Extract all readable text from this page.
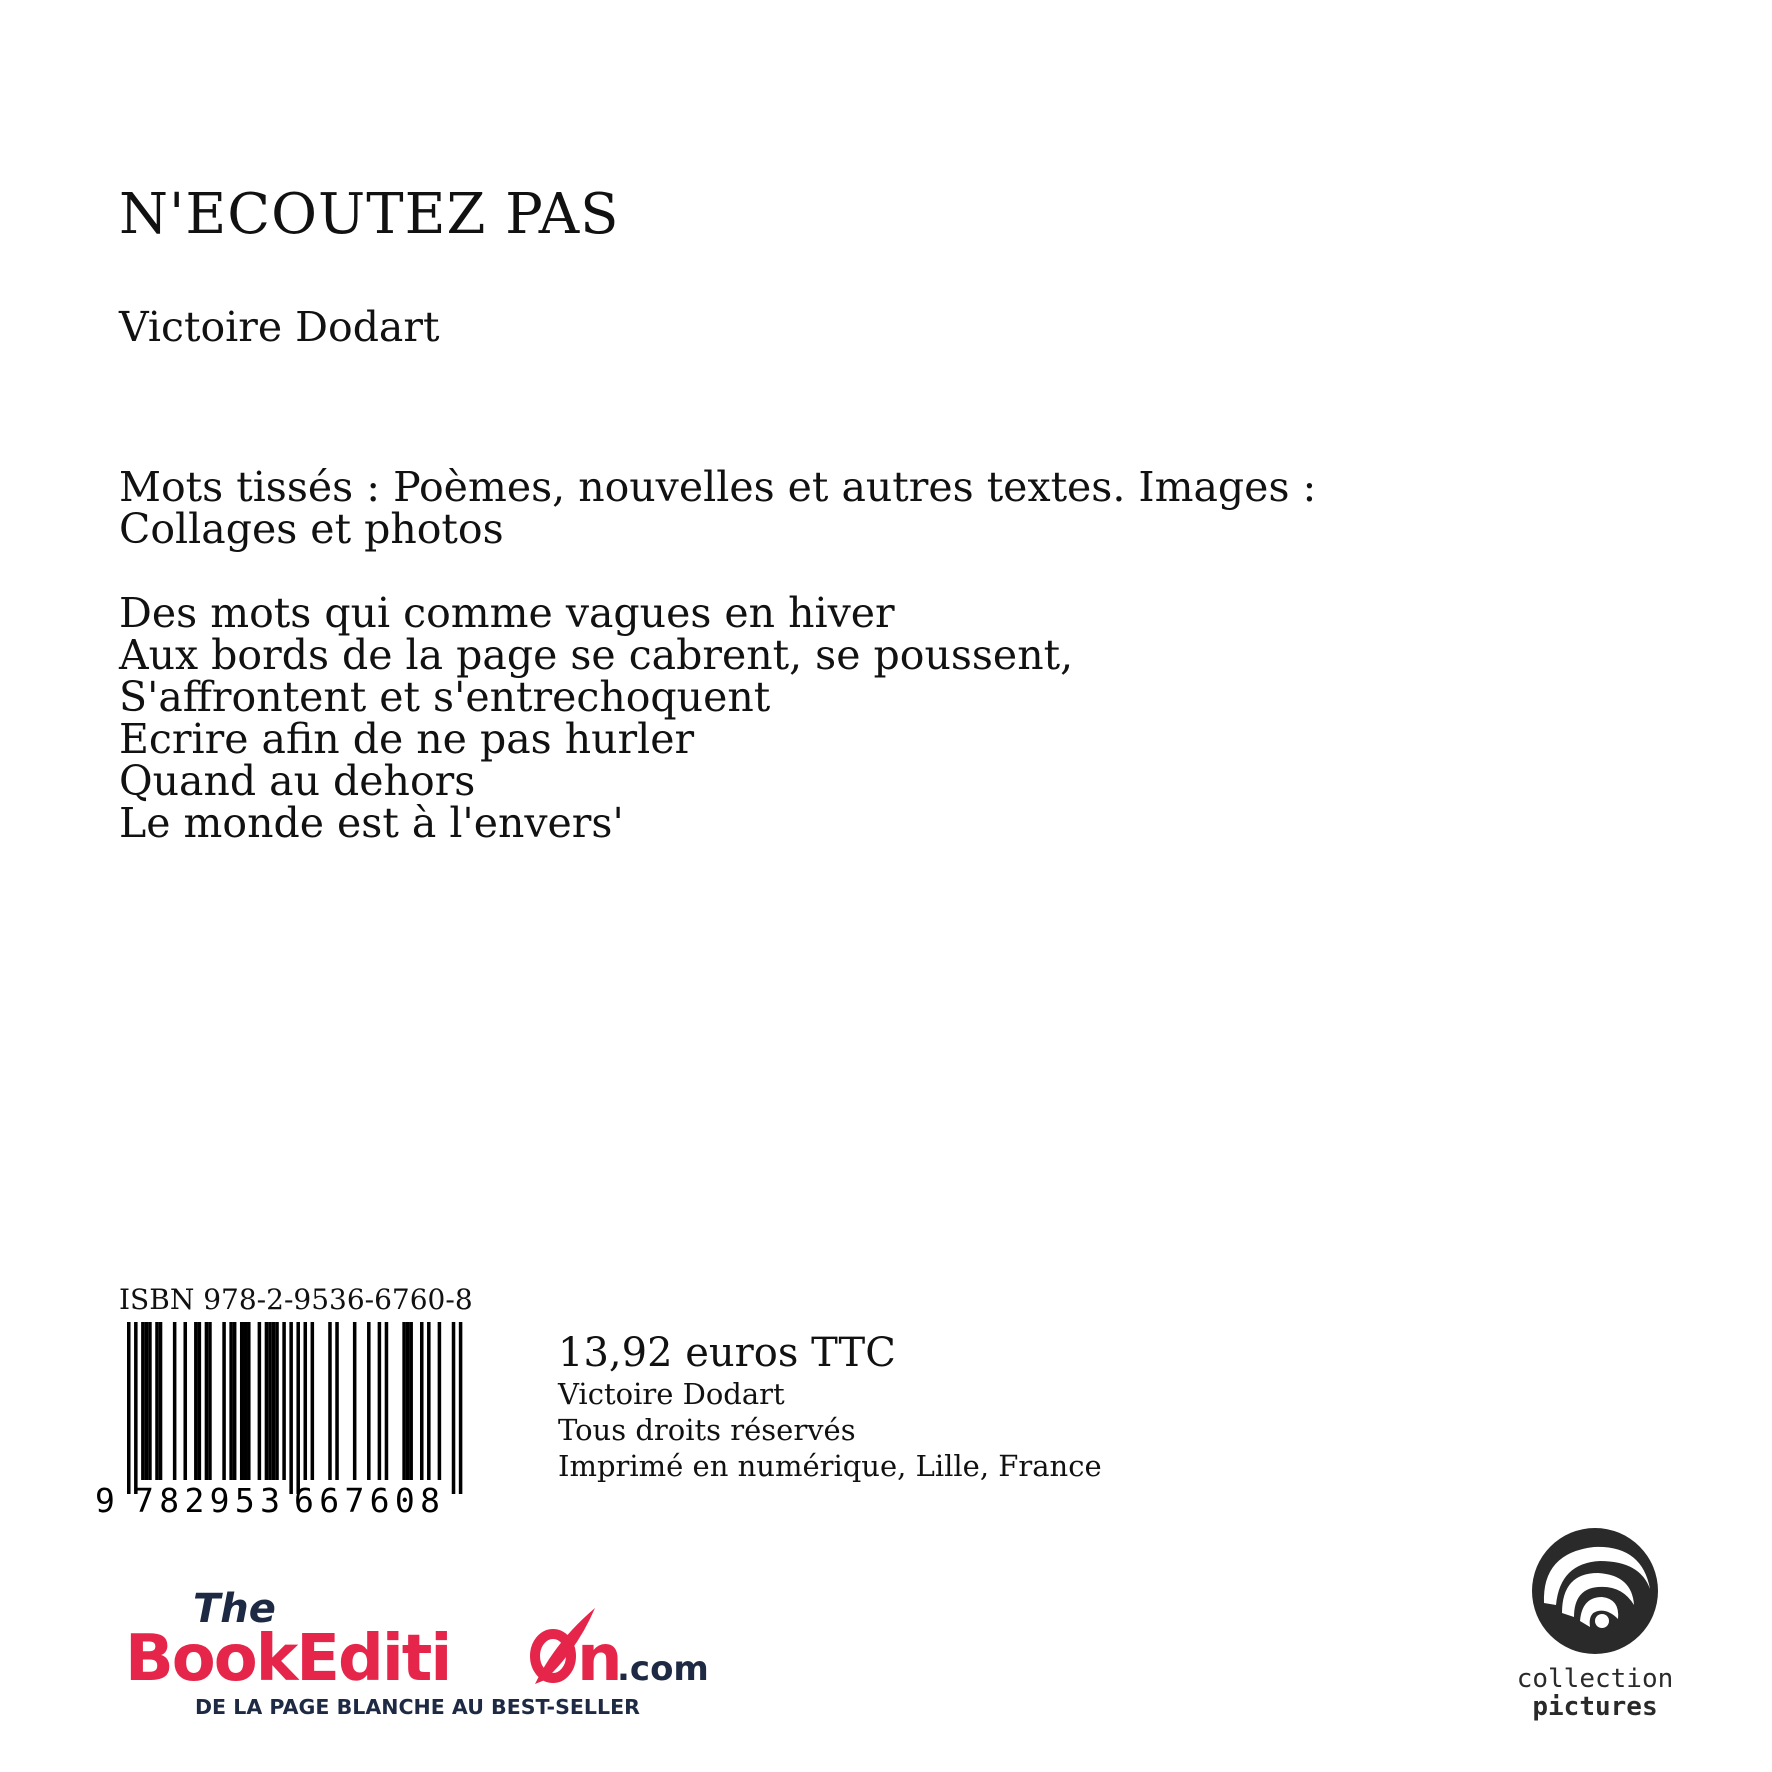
N'ECOUTEZ PAS
Victoire Dodart
Mots tissés : Poèmes, nouvelles et autres textes. Images :
Collages et photos
Des mots qui comme vagues en hiver
Aux bords de la page se cabrent, se poussent,
S'affrontent et s'entrechoquent
Ecrire afin de ne pas hurler
Quand au dehors
Le monde est à l'envers'
ISBN 978-2-9536-6760-8
9 782953 667608
13,92 euros TTC
Victoire Dodart
Tous droits réservés
Imprimé en numérique, Lille, France
The
BookEditi n
.com
DE LA PAGE BLANCHE AU BEST-SELLER
collection
pictures
